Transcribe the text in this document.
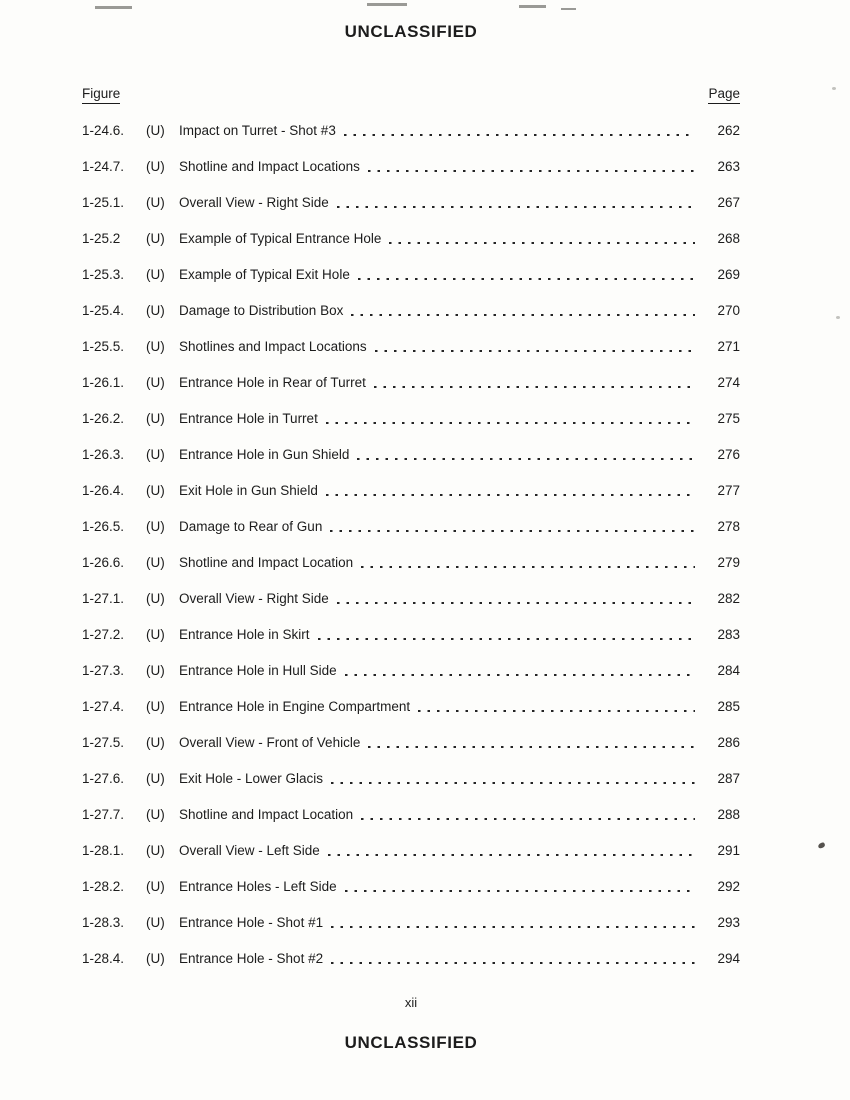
UNCLASSIFIED
Figure	Page
1-24.6.	(U)	Impact on Turret - Shot #3	262
1-24.7.	(U)	Shotline and Impact Locations	263
1-25.1.	(U)	Overall View - Right Side	267
1-25.2	(U)	Example of Typical Entrance Hole	268
1-25.3.	(U)	Example of Typical Exit Hole	269
1-25.4.	(U)	Damage to Distribution Box	270
1-25.5.	(U)	Shotlines and Impact Locations	271
1-26.1.	(U)	Entrance Hole in Rear of Turret	274
1-26.2.	(U)	Entrance Hole in Turret	275
1-26.3.	(U)	Entrance Hole in Gun Shield	276
1-26.4.	(U)	Exit Hole in Gun Shield	277
1-26.5.	(U)	Damage to Rear of Gun	278
1-26.6.	(U)	Shotline and Impact Location	279
1-27.1.	(U)	Overall View - Right Side	282
1-27.2.	(U)	Entrance Hole in Skirt	283
1-27.3.	(U)	Entrance Hole in Hull Side	284
1-27.4.	(U)	Entrance Hole in Engine Compartment	285
1-27.5.	(U)	Overall View - Front of Vehicle	286
1-27.6.	(U)	Exit Hole - Lower Glacis	287
1-27.7.	(U)	Shotline and Impact Location	288
1-28.1.	(U)	Overall View - Left Side	291
1-28.2.	(U)	Entrance Holes - Left Side	292
1-28.3.	(U)	Entrance Hole - Shot #1	293
1-28.4.	(U)	Entrance Hole - Shot #2	294
xii
UNCLASSIFIED
